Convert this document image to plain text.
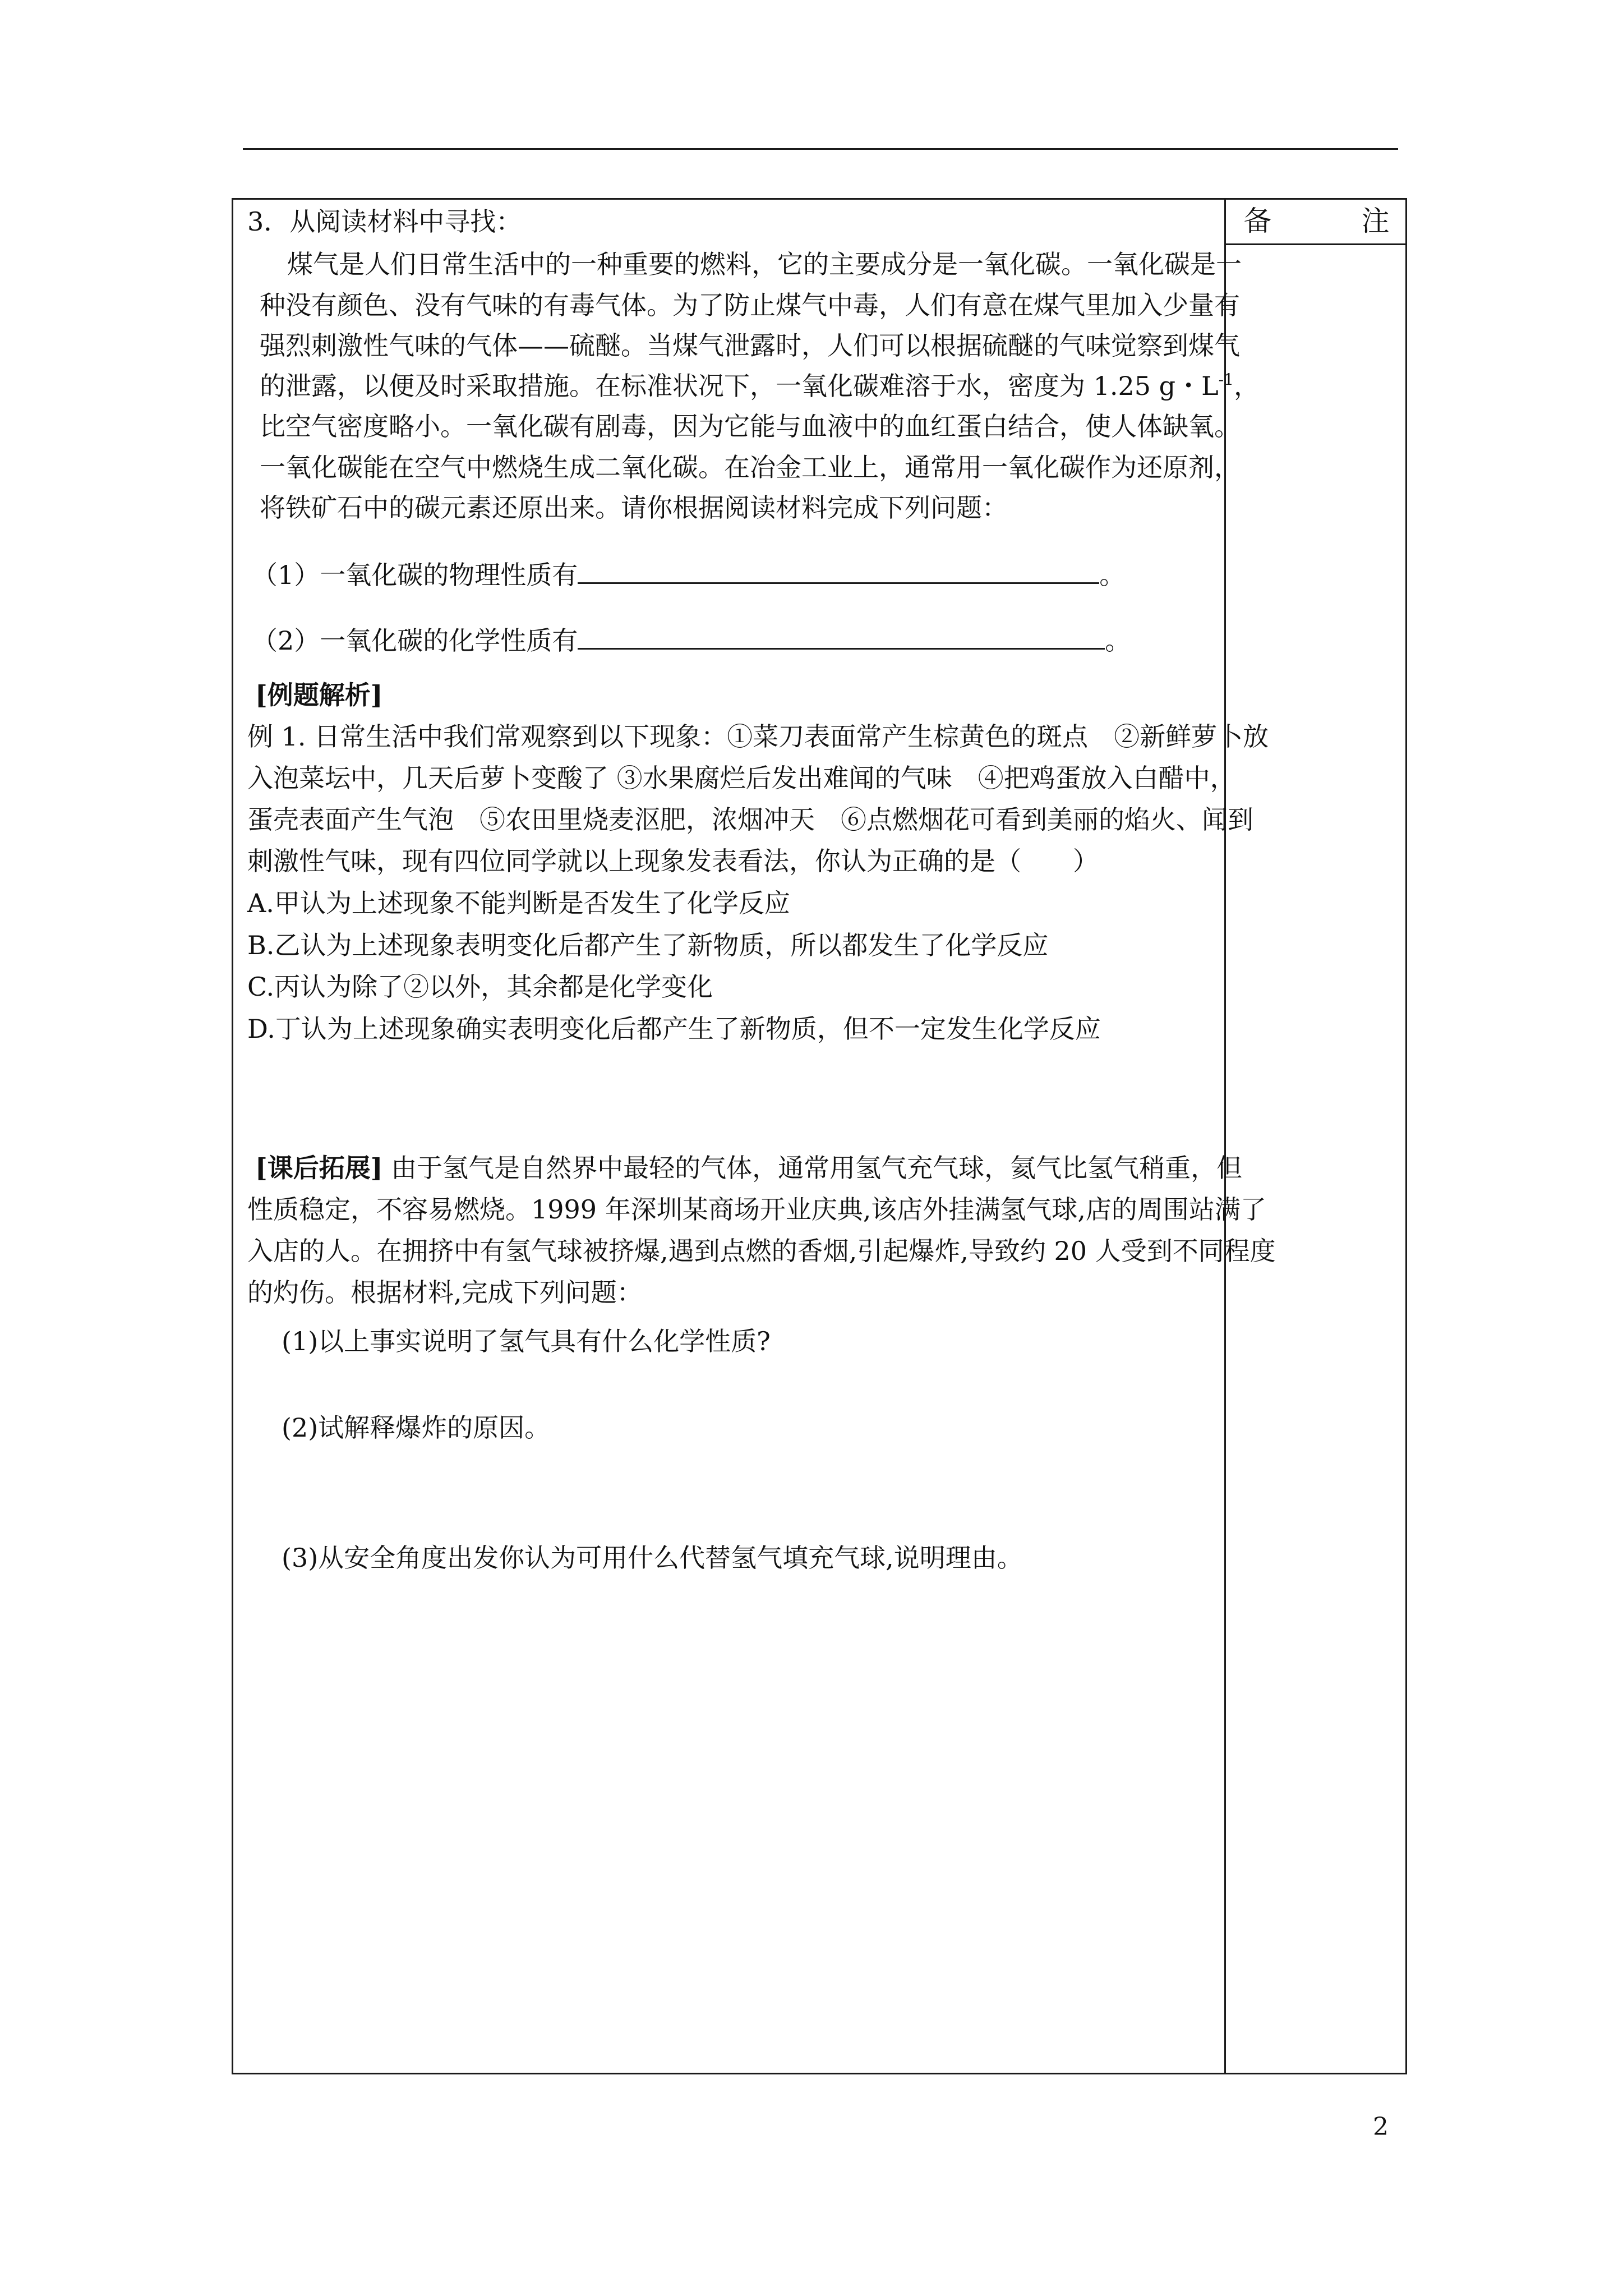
备	注
3．从阅读材料中寻找：
煤气是人们日常生活中的一种重要的燃料，它的主要成分是一氧化碳。一氧化碳是一
种没有颜色、没有气味的有毒气体。为了防止煤气中毒，人们有意在煤气里加入少量有
强烈刺激性气味的气体——硫醚。当煤气泄露时，人们可以根据硫醚的气味觉察到煤气
的泄露，以便及时采取措施。在标准状况下，一氧化碳难溶于水，密度为 1.25 g・$L^{-1}$，
比空气密度略小。一氧化碳有剧毒，因为它能与血液中的血红蛋白结合，使人体缺氧。
一氧化碳能在空气中燃烧生成二氧化碳。在冶金工业上，通常用一氧化碳作为还原剂，
将铁矿石中的碳元素还原出来。请你根据阅读材料完成下列问题：
（1）一氧化碳的物理性质有	。
（2）一氧化碳的化学性质有	。
[例题解析]
例 1. 日常生活中我们常观察到以下现象：①菜刀表面常产生棕黄色的斑点　②新鲜萝卜放
入泡菜坛中，几天后萝卜变酸了 ③水果腐烂后发出难闻的气味　④把鸡蛋放入白醋中，
蛋壳表面产生气泡　⑤农田里烧麦沤肥，浓烟冲天　⑥点燃烟花可看到美丽的焰火、闻到
刺激性气味，现有四位同学就以上现象发表看法，你认为正确的是（　　）
A.甲认为上述现象不能判断是否发生了化学反应
B.乙认为上述现象表明变化后都产生了新物质，所以都发生了化学反应
C.丙认为除了②以外，其余都是化学变化
D.丁认为上述现象确实表明变化后都产生了新物质，但不一定发生化学反应
[课后拓展] 由于氢气是自然界中最轻的气体，通常用氢气充气球，氦气比氢气稍重，但
性质稳定，不容易燃烧。1999 年深圳某商场开业庆典,该店外挂满氢气球,店的周围站满了
入店的人。在拥挤中有氢气球被挤爆,遇到点燃的香烟,引起爆炸,导致约 20 人受到不同程度
的灼伤。根据材料,完成下列问题：
(1)以上事实说明了氢气具有什么化学性质?
(2)试解释爆炸的原因。
(3)从安全角度出发你认为可用什么代替氢气填充气球,说明理由。
2
